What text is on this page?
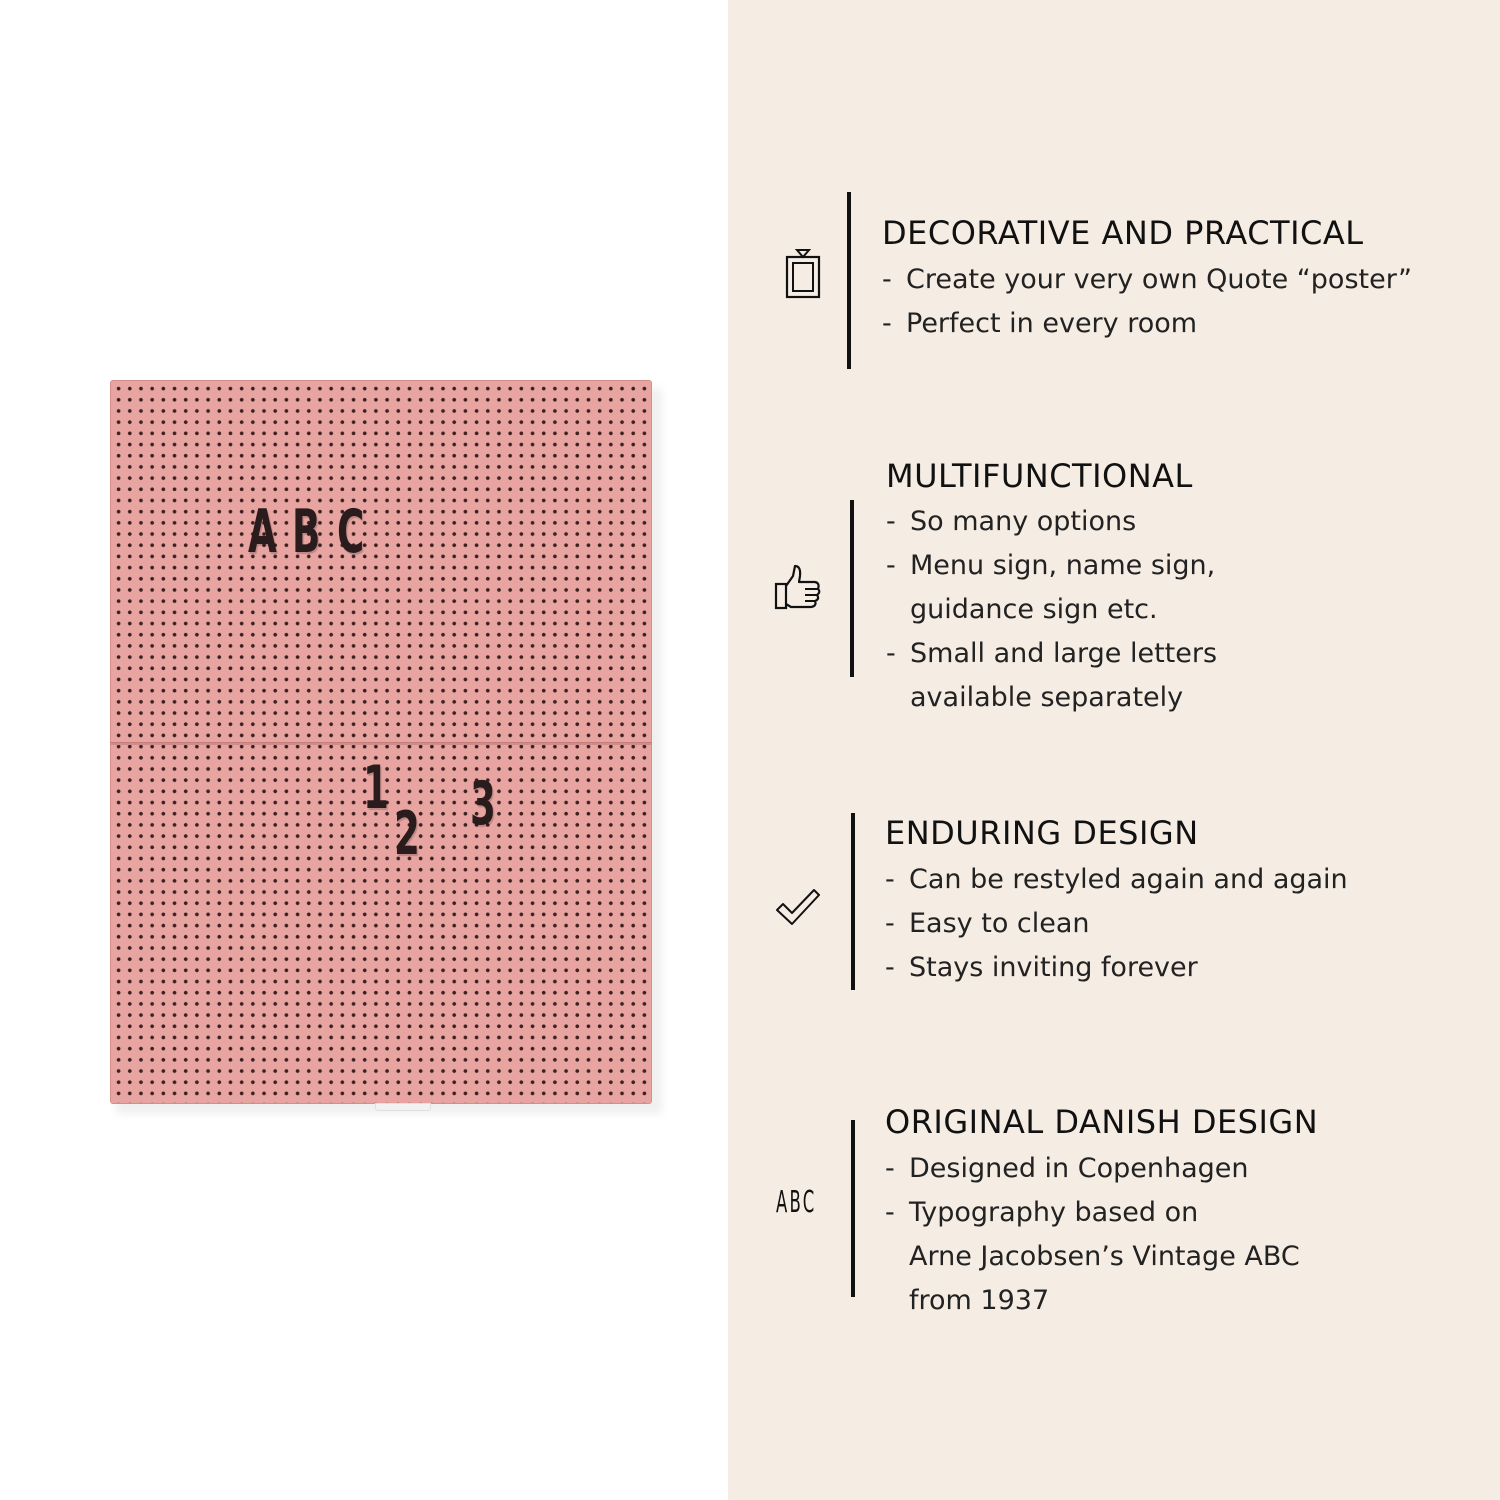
A B C
1
2 3
DECORATIVE AND PRACTICAL
- Create your very own Quote “poster”
- Perfect in every room
MULTIFUNCTIONAL
- So many options
- Menu sign, name sign,
guidance sign etc.
- Small and large letters
available separately
ENDURING DESIGN
- Can be restyled again and again
- Easy to clean
- Stays inviting forever
ABC
ORIGINAL DANISH DESIGN
- Designed in Copenhagen
- Typography based on
Arne Jacobsen’s Vintage ABC
from 1937
